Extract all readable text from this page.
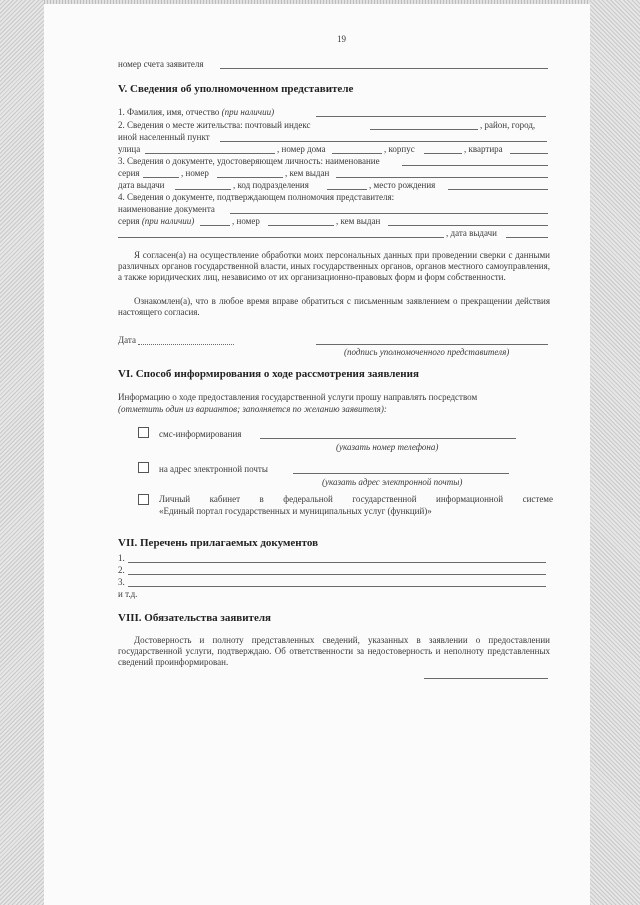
19
номер счета заявителя
V. Сведения об уполномоченном представителе
1. Фамилия, имя, отчество (при наличии)
2. Сведения о месте жительства: почтовый индекс	, район, город,
иной населенный пункт
улица	, номер дома	, корпус	, квартира
3. Сведения о документе, удостоверяющем личность: наименование
серия	, номер	, кем выдан
дата выдачи	, код подразделения	, место рождения
4. Сведения о документе, подтверждающем полномочия представителя:
наименование документа
серия (при наличии)	, номер	, кем выдан
, дата выдачи
Я согласен(а) на осуществление обработки моих персональных данных при проведении сверки с данными различных органов государственной власти, иных государственных органов, органов местного самоуправления, а также юридических лиц, независимо от их организационно-правовых форм и форм собственности.
Ознакомлен(а), что в любое время вправе обратиться с письменным заявлением о прекращении действия настоящего согласия.
Дата
(подпись уполномоченного представителя)
VI. Способ информирования о ходе рассмотрения заявления
Информацию о ходе предоставления государственной услуги прошу направлять посредством
(отметить один из вариантов; заполняется по желанию заявителя):
смс-информирования
(указать номер телефона)
на адрес электронной почты
(указать адрес электронной почты)
Личный кабинет в федеральной государственной информационной системе
«Единый портал государственных и муниципальных услуг (функций)»
VII. Перечень прилагаемых документов
1.
2.
3.
и т.д.
VIII. Обязательства заявителя
Достоверность и полноту представленных сведений, указанных в заявлении о предоставлении государственной услуги, подтверждаю. Об ответственности за недостоверность и неполноту представленных сведений проинформирован.
